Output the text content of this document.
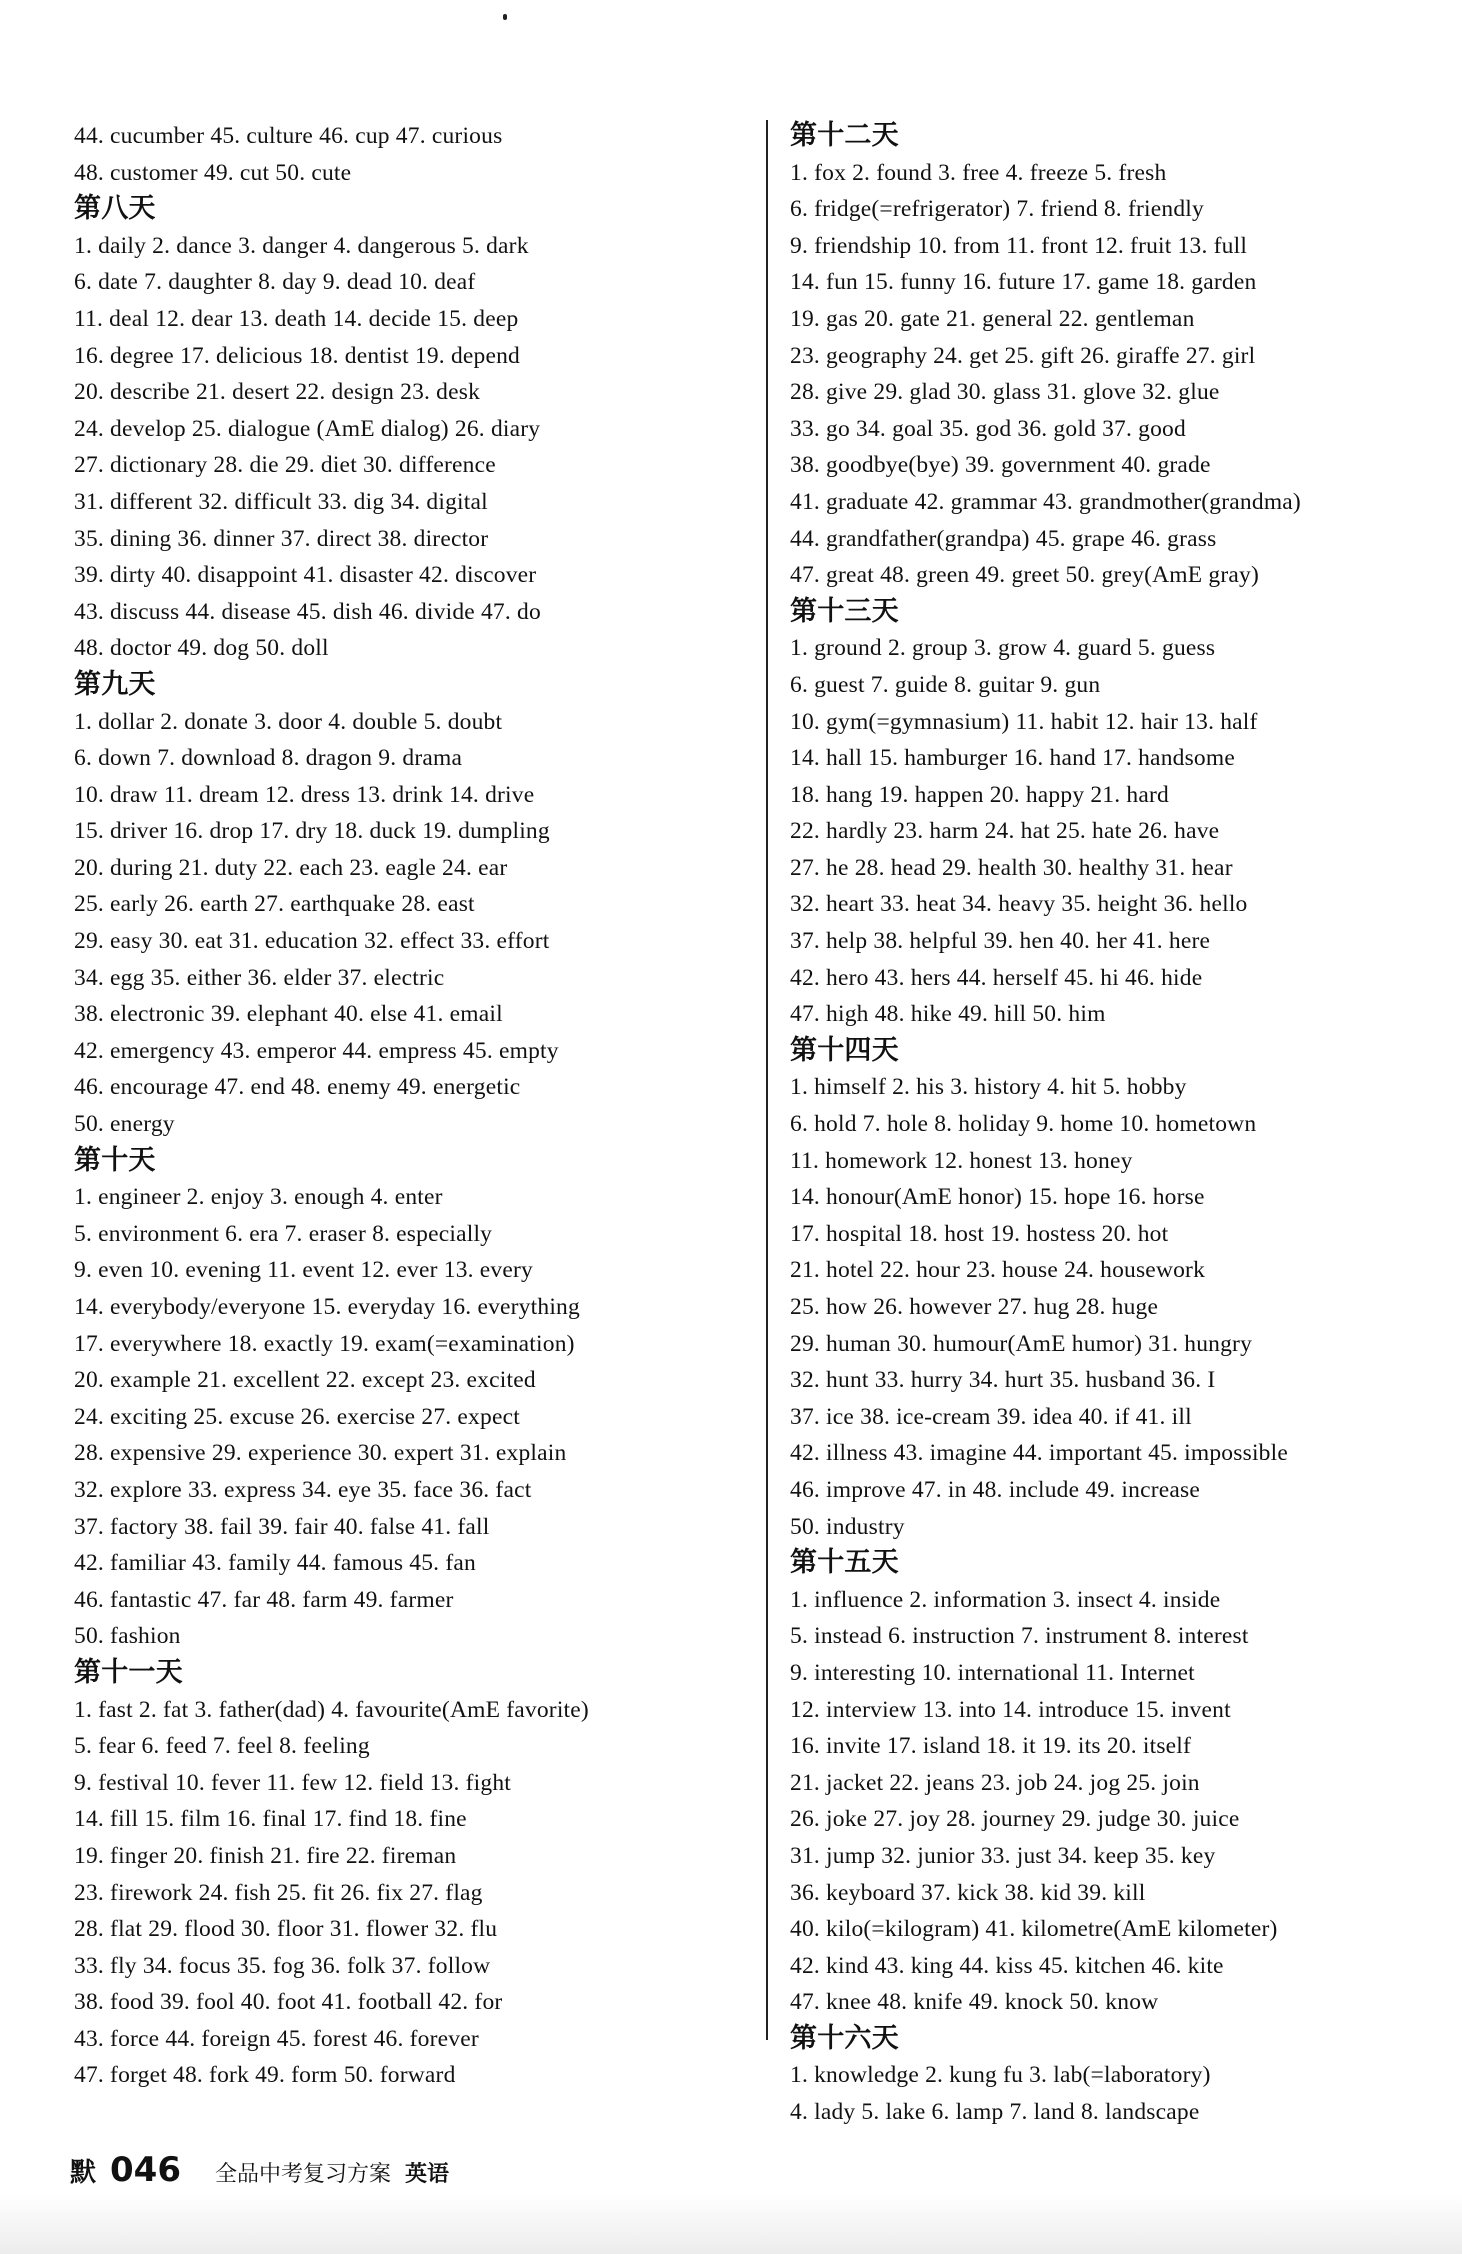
44. cucumber 45. culture 46. cup 47. curious
48. customer 49. cut 50. cute
第八天
1. daily 2. dance 3. danger 4. dangerous 5. dark
6. date 7. daughter 8. day 9. dead 10. deaf
11. deal 12. dear 13. death 14. decide 15. deep
16. degree 17. delicious 18. dentist 19. depend
20. describe 21. desert 22. design 23. desk
24. develop 25. dialogue (AmE dialog) 26. diary
27. dictionary 28. die 29. diet 30. difference
31. different 32. difficult 33. dig 34. digital
35. dining 36. dinner 37. direct 38. director
39. dirty 40. disappoint 41. disaster 42. discover
43. discuss 44. disease 45. dish 46. divide 47. do
48. doctor 49. dog 50. doll
第九天
1. dollar 2. donate 3. door 4. double 5. doubt
6. down 7. download 8. dragon 9. drama
10. draw 11. dream 12. dress 13. drink 14. drive
15. driver 16. drop 17. dry 18. duck 19. dumpling
20. during 21. duty 22. each 23. eagle 24. ear
25. early 26. earth 27. earthquake 28. east
29. easy 30. eat 31. education 32. effect 33. effort
34. egg 35. either 36. elder 37. electric
38. electronic 39. elephant 40. else 41. email
42. emergency 43. emperor 44. empress 45. empty
46. encourage 47. end 48. enemy 49. energetic
50. energy
第十天
1. engineer 2. enjoy 3. enough 4. enter
5. environment 6. era 7. eraser 8. especially
9. even 10. evening 11. event 12. ever 13. every
14. everybody/everyone 15. everyday 16. everything
17. everywhere 18. exactly 19. exam(=examination)
20. example 21. excellent 22. except 23. excited
24. exciting 25. excuse 26. exercise 27. expect
28. expensive 29. experience 30. expert 31. explain
32. explore 33. express 34. eye 35. face 36. fact
37. factory 38. fail 39. fair 40. false 41. fall
42. familiar 43. family 44. famous 45. fan
46. fantastic 47. far 48. farm 49. farmer
50. fashion
第十一天
1. fast 2. fat 3. father(dad) 4. favourite(AmE favorite)
5. fear 6. feed 7. feel 8. feeling
9. festival 10. fever 11. few 12. field 13. fight
14. fill 15. film 16. final 17. find 18. fine
19. finger 20. finish 21. fire 22. fireman
23. firework 24. fish 25. fit 26. fix 27. flag
28. flat 29. flood 30. floor 31. flower 32. flu
33. fly 34. focus 35. fog 36. folk 37. follow
38. food 39. fool 40. foot 41. football 42. for
43. force 44. foreign 45. forest 46. forever
47. forget 48. fork 49. form 50. forward
第十二天
1. fox 2. found 3. free 4. freeze 5. fresh
6. fridge(=refrigerator) 7. friend 8. friendly
9. friendship 10. from 11. front 12. fruit 13. full
14. fun 15. funny 16. future 17. game 18. garden
19. gas 20. gate 21. general 22. gentleman
23. geography 24. get 25. gift 26. giraffe 27. girl
28. give 29. glad 30. glass 31. glove 32. glue
33. go 34. goal 35. god 36. gold 37. good
38. goodbye(bye) 39. government 40. grade
41. graduate 42. grammar 43. grandmother(grandma)
44. grandfather(grandpa) 45. grape 46. grass
47. great 48. green 49. greet 50. grey(AmE gray)
第十三天
1. ground 2. group 3. grow 4. guard 5. guess
6. guest 7. guide 8. guitar 9. gun
10. gym(=gymnasium) 11. habit 12. hair 13. half
14. hall 15. hamburger 16. hand 17. handsome
18. hang 19. happen 20. happy 21. hard
22. hardly 23. harm 24. hat 25. hate 26. have
27. he 28. head 29. health 30. healthy 31. hear
32. heart 33. heat 34. heavy 35. height 36. hello
37. help 38. helpful 39. hen 40. her 41. here
42. hero 43. hers 44. herself 45. hi 46. hide
47. high 48. hike 49. hill 50. him
第十四天
1. himself 2. his 3. history 4. hit 5. hobby
6. hold 7. hole 8. holiday 9. home 10. hometown
11. homework 12. honest 13. honey
14. honour(AmE honor) 15. hope 16. horse
17. hospital 18. host 19. hostess 20. hot
21. hotel 22. hour 23. house 24. housework
25. how 26. however 27. hug 28. huge
29. human 30. humour(AmE humor) 31. hungry
32. hunt 33. hurry 34. hurt 35. husband 36. I
37. ice 38. ice-cream 39. idea 40. if 41. ill
42. illness 43. imagine 44. important 45. impossible
46. improve 47. in 48. include 49. increase
50. industry
第十五天
1. influence 2. information 3. insect 4. inside
5. instead 6. instruction 7. instrument 8. interest
9. interesting 10. international 11. Internet
12. interview 13. into 14. introduce 15. invent
16. invite 17. island 18. it 19. its 20. itself
21. jacket 22. jeans 23. job 24. jog 25. join
26. joke 27. joy 28. journey 29. judge 30. juice
31. jump 32. junior 33. just 34. keep 35. key
36. keyboard 37. kick 38. kid 39. kill
40. kilo(=kilogram) 41. kilometre(AmE kilometer)
42. kind 43. king 44. kiss 45. kitchen 46. kite
47. knee 48. knife 49. knock 50. know
第十六天
1. knowledge 2. kung fu 3. lab(=laboratory)
4. lady 5. lake 6. lamp 7. land 8. landscape
默 046 全品中考复习方案 英语
